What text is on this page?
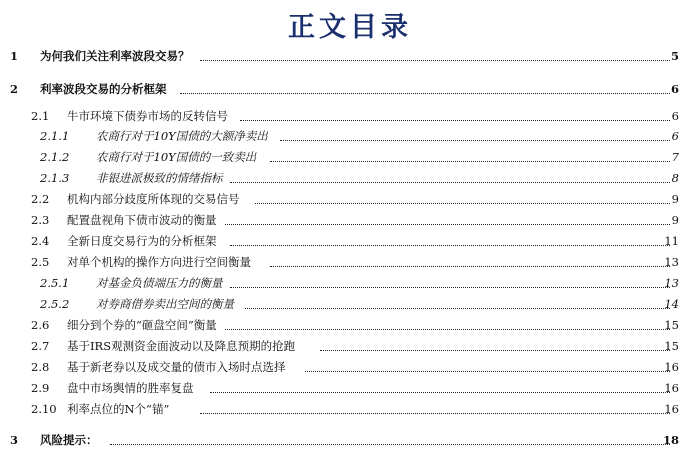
正文目录
1 为何我们关注利率波段交易？	5
2 利率波段交易的分析框架	6
2.1 牛市环境下债券市场的反转信号	6
2.1.1 农商行对于10Y国债的大额净卖出	6
2.1.2 农商行对于10Y国债的一致卖出	7
2.1.3 非银进派极致的情绪指标	8
2.2 机构内部分歧度所体现的交易信号	9
2.3 配置盘视角下债市波动的衡量	9
2.4 全新日度交易行为的分析框架	11
2.5 对单个机构的操作方向进行空间衡量	13
2.5.1 对基金负债端压力的衡量	13
2.5.2 对券商借券卖出空间的衡量	14
2.6 细分到个券的“砸盘空间”衡量	15
2.7 基于IRS观测资金面波动以及降息预期的抢跑	15
2.8 基于新老券以及成交量的债市入场时点选择	16
2.9 盘中市场舆情的胜率复盘	16
2.10 利率点位的N个“锚”	16
3 风险提示：	18
